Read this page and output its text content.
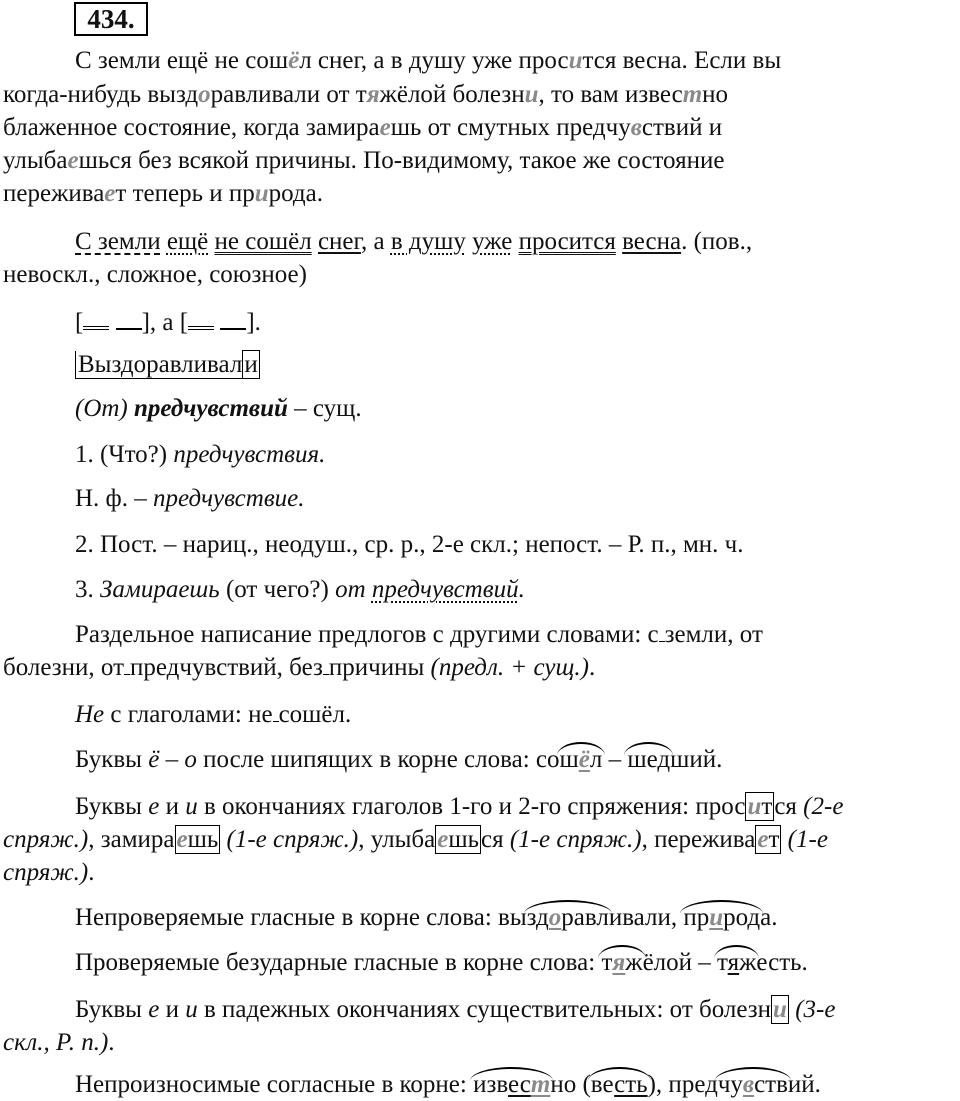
434.
С земли ещё не сошёл снег, а в душу уже просится весна. Если вы
когда-нибудь выздоравливали от тяжёлой болезни, то вам известно
блаженное состояние, когда замираешь от смутных предчувствий и
улыбаешься без всякой причины. По-видимому, такое же состояние
переживает теперь и природа.
С земли ещё не сошёл снег, а в душу уже просится весна. (пов.,
невоскл., сложное, союзное)
[ ], а [ ].
Выздоравливали
(От) предчувствий – сущ.
1. (Что?) предчувствия.
Н. ф. – предчувствие.
2. Пост. – нариц., неодуш., ср. р., 2-е скл.; непост. – Р. п., мн. ч.
3. Замираешь (от чего?) от предчувствий.
Раздельное написание предлогов с другими словами: с земли, от
болезни, от предчувствий, без причины (предл. + сущ.).
Не с глаголами: не сошёл.
Буквы ё – о после шипящих в корне слова: сошёл – шедший.
Буквы е и и в окончаниях глаголов 1-го и 2-го спряжения: просится (2-е
спряж.), замираешь (1-е спряж.), улыбаешься (1-е спряж.), переживает (1-е
спряж.).
Непроверяемые гласные в корне слова: выздоравливали, природа.
Проверяемые безударные гласные в корне слова: тяжёлой – тяжесть.
Буквы е и и в падежных окончаниях существительных: от болезни (3-е
скл., Р. п.).
Непроизносимые согласные в корне: известно (весть), предчувствий.
